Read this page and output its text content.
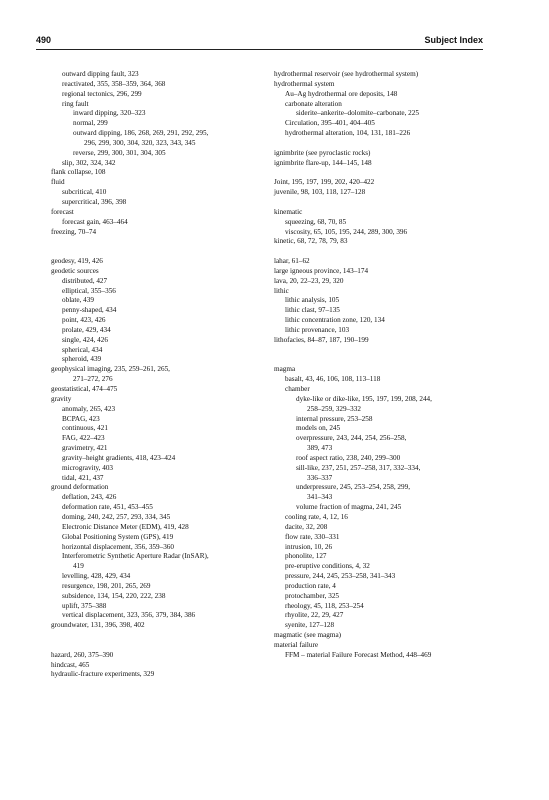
490	Subject Index
outward dipping fault, 323
reactivated, 355, 358–359, 364, 368
regional tectonics, 296, 299
ring fault
inward dipping, 320–323
normal, 299
outward dipping, 186, 268, 269, 291, 292, 295,
296, 299, 300, 304, 320, 323, 343, 345
reverse, 299, 300, 301, 304, 305
slip, 302, 324, 342
flank collapse, 108
fluid
subcritical, 410
supercritical, 396, 398
forecast
forecast gain, 463–464
freezing, 70–74
geodesy, 419, 426
geodetic sources
distributed, 427
elliptical, 355–356
oblate, 439
penny-shaped, 434
point, 423, 426
prolate, 429, 434
single, 424, 426
spherical, 434
spheroid, 439
geophysical imaging, 235, 259–261, 265,
271–272, 276
geostatistical, 474–475
gravity
anomaly, 265, 423
BCPAG, 423
continuous, 421
FAG, 422–423
gravimetry, 421
gravity–height gradients, 418, 423–424
microgravity, 403
tidal, 421, 437
ground deformation
deflation, 243, 426
deformation rate, 451, 453–455
doming, 240, 242, 257, 293, 334, 345
Electronic Distance Meter (EDM), 419, 428
Global Positioning System (GPS), 419
horizontal displacement, 356, 359–360
Interferometric Synthetic Aperture Radar (InSAR),
419
levelling, 428, 429, 434
resurgence, 198, 201, 265, 269
subsidence, 134, 154, 220, 222, 238
uplift, 375–388
vertical displacement, 323, 356, 379, 384, 386
groundwater, 131, 396, 398, 402
hazard, 260, 375–390
hindcast, 465
hydraulic-fracture experiments, 329
hydrothermal reservoir (see hydrothermal system)
hydrothermal system
Au–Ag hydrothermal ore deposits, 148
carbonate alteration
siderite–ankerite–dolomite–carbonate, 225
Circulation, 395–401, 404–405
hydrothermal alteration, 104, 131, 181–226
ignimbrite (see pyroclastic rocks)
ignimbrite flare-up, 144–145, 148
Joint, 195, 197, 199, 202, 420–422
juvenile, 98, 103, 118, 127–128
kinematic
squeezing, 68, 70, 85
viscosity, 65, 105, 195, 244, 289, 300, 396
kinetic, 68, 72, 78, 79, 83
lahar, 61–62
large igneous province, 143–174
lava, 20, 22–23, 29, 320
lithic
lithic analysis, 105
lithic clast, 97–135
lithic concentration zone, 120, 134
lithic provenance, 103
lithofacies, 84–87, 187, 190–199
magma
basalt, 43, 46, 106, 108, 113–118
chamber
dyke-like or dike-like, 195, 197, 199, 208, 244,
258–259, 329–332
internal pressure, 253–258
models on, 245
overpressure, 243, 244, 254, 256–258,
389, 473
roof aspect ratio, 238, 240, 299–300
sill-like, 237, 251, 257–258, 317, 332–334,
336–337
underpressure, 245, 253–254, 258, 299,
341–343
volume fraction of magma, 241, 245
cooling rate, 4, 12, 16
dacite, 32, 208
flow rate, 330–331
intrusion, 10, 26
phonolite, 127
pre-eruptive conditions, 4, 32
pressure, 244, 245, 253–258, 341–343
production rate, 4
protochamber, 325
rheology, 45, 118, 253–254
rhyolite, 22, 29, 427
syenite, 127–128
magmatic (see magma)
material failure
FFM – material Failure Forecast Method, 448–469
